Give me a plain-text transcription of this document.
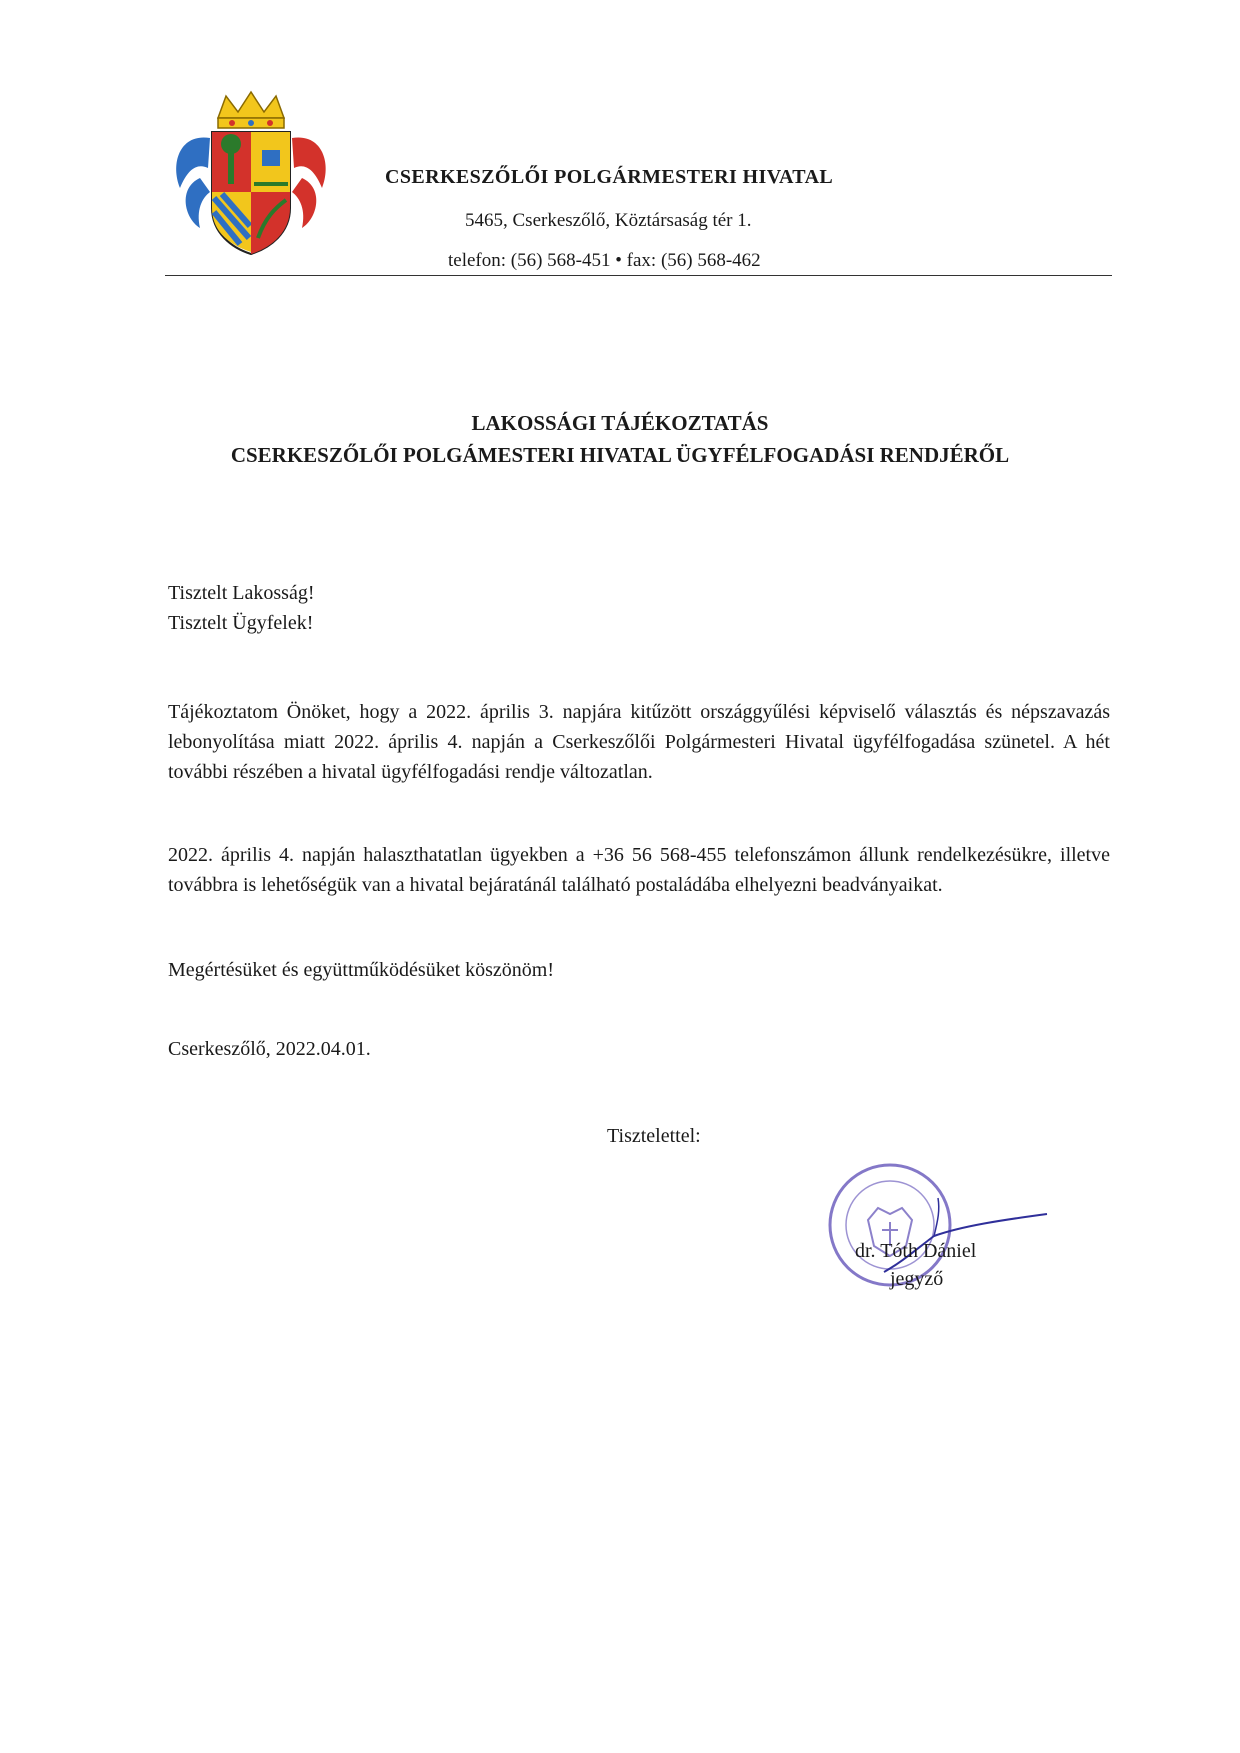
CSERKESZŐLŐI POLGÁRMESTERI HIVATAL
5465, Cserkeszőlő, Köztársaság tér 1.
telefon: (56) 568-451 • fax: (56) 568-462
LAKOSSÁGI TÁJÉKOZTATÁS
CSERKESZŐLŐI POLGÁMESTERI HIVATAL ÜGYFÉLFOGADÁSI RENDJÉRŐL
Tisztelt Lakosság!
Tisztelt Ügyfelek!
Tájékoztatom Önöket, hogy a 2022. április 3. napjára kitűzött országgyűlési képviselő választás és népszavazás lebonyolítása miatt 2022. április 4. napján a Cserkeszőlői Polgármesteri Hivatal ügyfélfogadása szünetel. A hét további részében a hivatal ügyfélfogadási rendje változatlan.
2022. április 4. napján halaszthatatlan ügyekben a +36 56 568-455 telefonszámon állunk rendelkezésükre, illetve továbbra is lehetőségük van a hivatal bejáratánál található postaládába elhelyezni beadványaikat.
Megértésüket és együttműködésüket köszönöm!
Cserkeszőlő, 2022.04.01.
Tisztelettel:
dr. Tóth Dániel
jegyző
